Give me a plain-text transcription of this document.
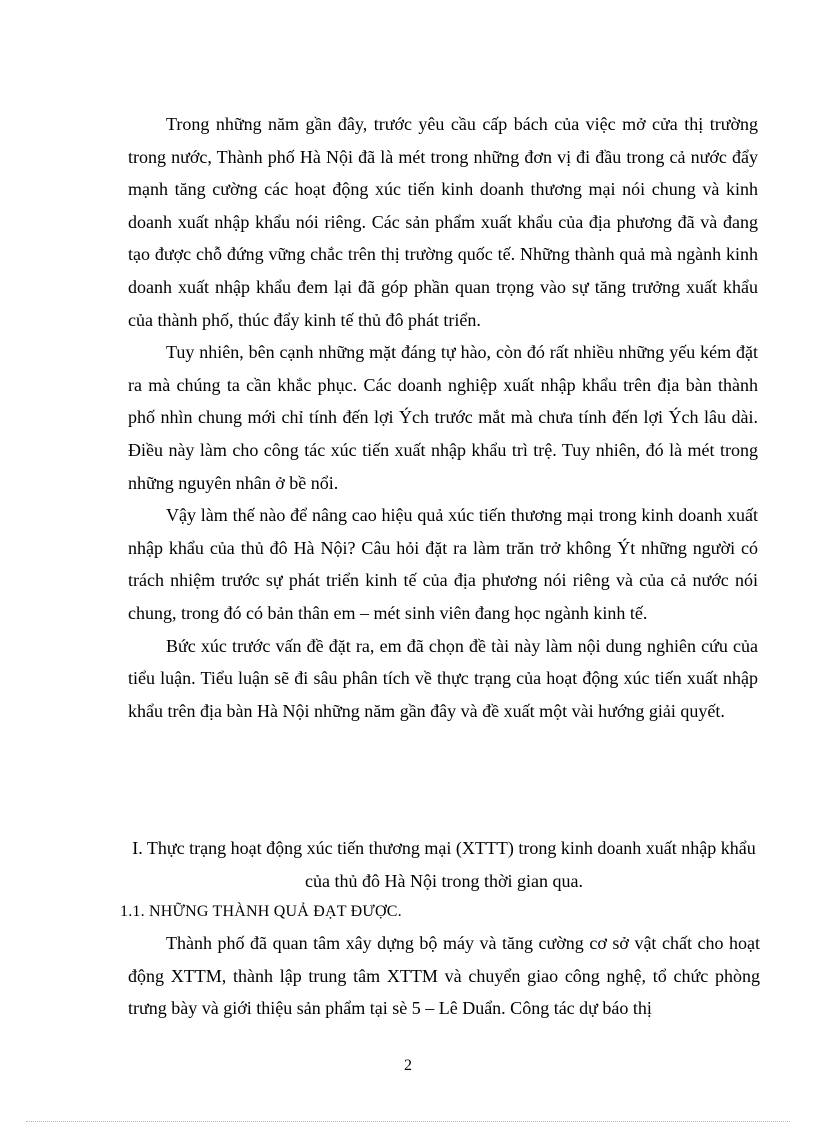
Trong những năm gần đây, trước yêu cầu cấp bách của việc mở cửa thị trường trong nước, Thành phố Hà Nội đã là mét trong những đơn vị đi đầu trong cả nước đẩy mạnh tăng cường các hoạt động xúc tiến kinh doanh thương mại nói chung và kinh doanh xuất nhập khẩu nói riêng. Các sản phẩm xuất khẩu của địa phương đã và đang tạo được chỗ đứng vững chắc trên thị trường quốc tế. Những thành quả mà ngành kinh doanh xuất nhập khẩu đem lại đã góp phần quan trọng vào sự tăng trưởng xuất khẩu của thành phố, thúc đẩy kinh tế thủ đô phát triển.

Tuy nhiên, bên cạnh những mặt đáng tự hào, còn đó rất nhiều những yếu kém đặt ra mà chúng ta cần khắc phục. Các doanh nghiệp xuất nhập khẩu trên địa bàn thành phố nhìn chung mới chỉ tính đến lợi Ých trước mắt mà chưa tính đến lợi Ých lâu dài. Điều này làm cho công tác xúc tiến xuất nhập khẩu trì trệ. Tuy nhiên, đó là mét trong những nguyên nhân ở bề nổi.

Vậy làm thế nào để nâng cao hiệu quả xúc tiến thương mại trong kinh doanh xuất nhập khẩu của thủ đô Hà Nội? Câu hỏi đặt ra làm trăn trở không Ýt những người có trách nhiệm trước sự phát triển kinh tế của địa phương nói riêng và của cả nước nói chung, trong đó có bản thân em – mét sinh viên đang học ngành kinh tế.

Bức xúc trước vấn đề đặt ra, em đã chọn đề tài này làm nội dung nghiên cứu của tiểu luận. Tiểu luận sẽ đi sâu phân tích về thực trạng của hoạt động xúc tiến xuất nhập khẩu trên địa bàn Hà Nội những năm gần đây và đề xuất một vài hướng giải quyết.

I. Thực trạng hoạt động xúc tiến thương mại (XTTT) trong kinh doanh xuất nhập khẩu của thủ đô Hà Nội trong thời gian qua.

1.1. NHỮNG THÀNH QUẢ ĐẠT ĐƯỢC.

Thành phố đã quan tâm xây dựng bộ máy và tăng cường cơ sở vật chất cho hoạt động XTTM, thành lập trung tâm XTTM và chuyển giao công nghệ, tổ chức phòng trưng bày và giới thiệu sản phẩm tại sè 5 – Lê Duẩn. Công tác dự báo thị

2
